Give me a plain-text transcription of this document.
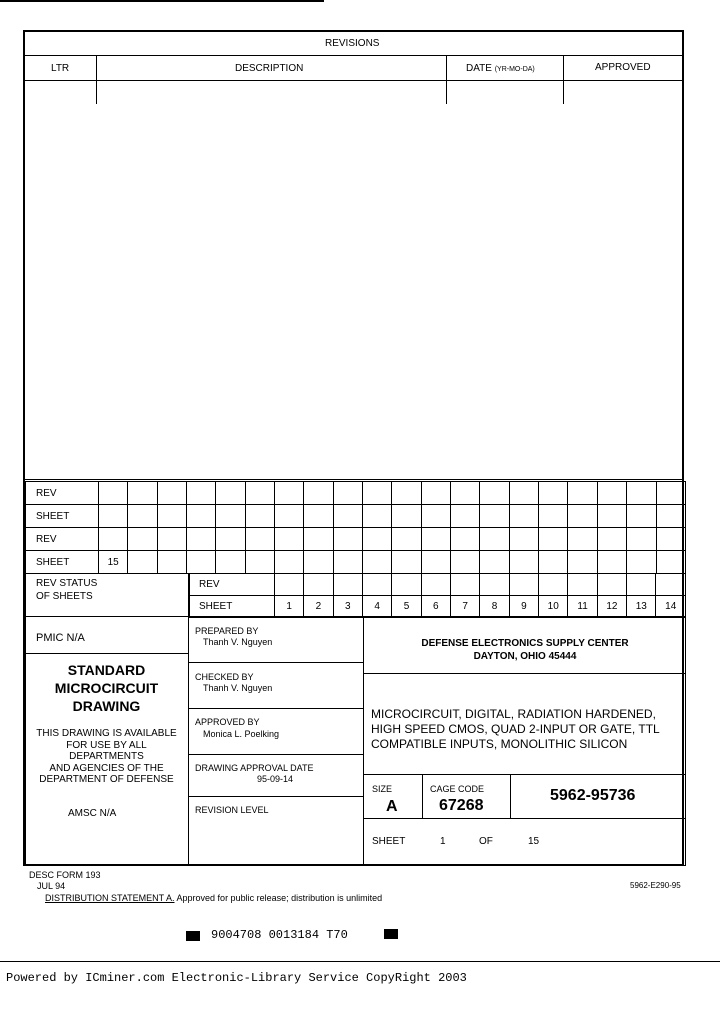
REVISIONS
LTR	DESCRIPTION	DATE (YR-MO-DA)	APPROVED
REV																				
SHEET																				
REV																				
SHEET	15																			
REV STATUS
OF SHEETS
REV														
SHEET	1	2	3	4	5	6	7	8	9	10	11	12	13	14
PMIC N/A
STANDARD
MICROCIRCUIT
DRAWING
THIS DRAWING IS AVAILABLE
FOR USE BY ALL
DEPARTMENTS
AND AGENCIES OF THE
DEPARTMENT OF DEFENSE
AMSC N/A
PREPARED BY
Thanh V. Nguyen
CHECKED BY
Thanh V. Nguyen
APPROVED BY
Monica L. Poelking
DRAWING APPROVAL DATE
95-09-14
REVISION LEVEL
DEFENSE ELECTRONICS SUPPLY CENTER
DAYTON, OHIO 45444
MICROCIRCUIT, DIGITAL, RADIATION HARDENED,
HIGH SPEED CMOS, QUAD 2-INPUT OR GATE, TTL
COMPATIBLE INPUTS, MONOLITHIC SILICON
SIZE
A
CAGE CODE
67268
5962-95736
SHEET	1	OF	15
DESC FORM 193
JUL 94	5962-E290-95
DISTRIBUTION STATEMENT A. Approved for public release; distribution is unlimited
9004708 0013184 T70
Powered by ICminer.com Electronic-Library Service CopyRight 2003
